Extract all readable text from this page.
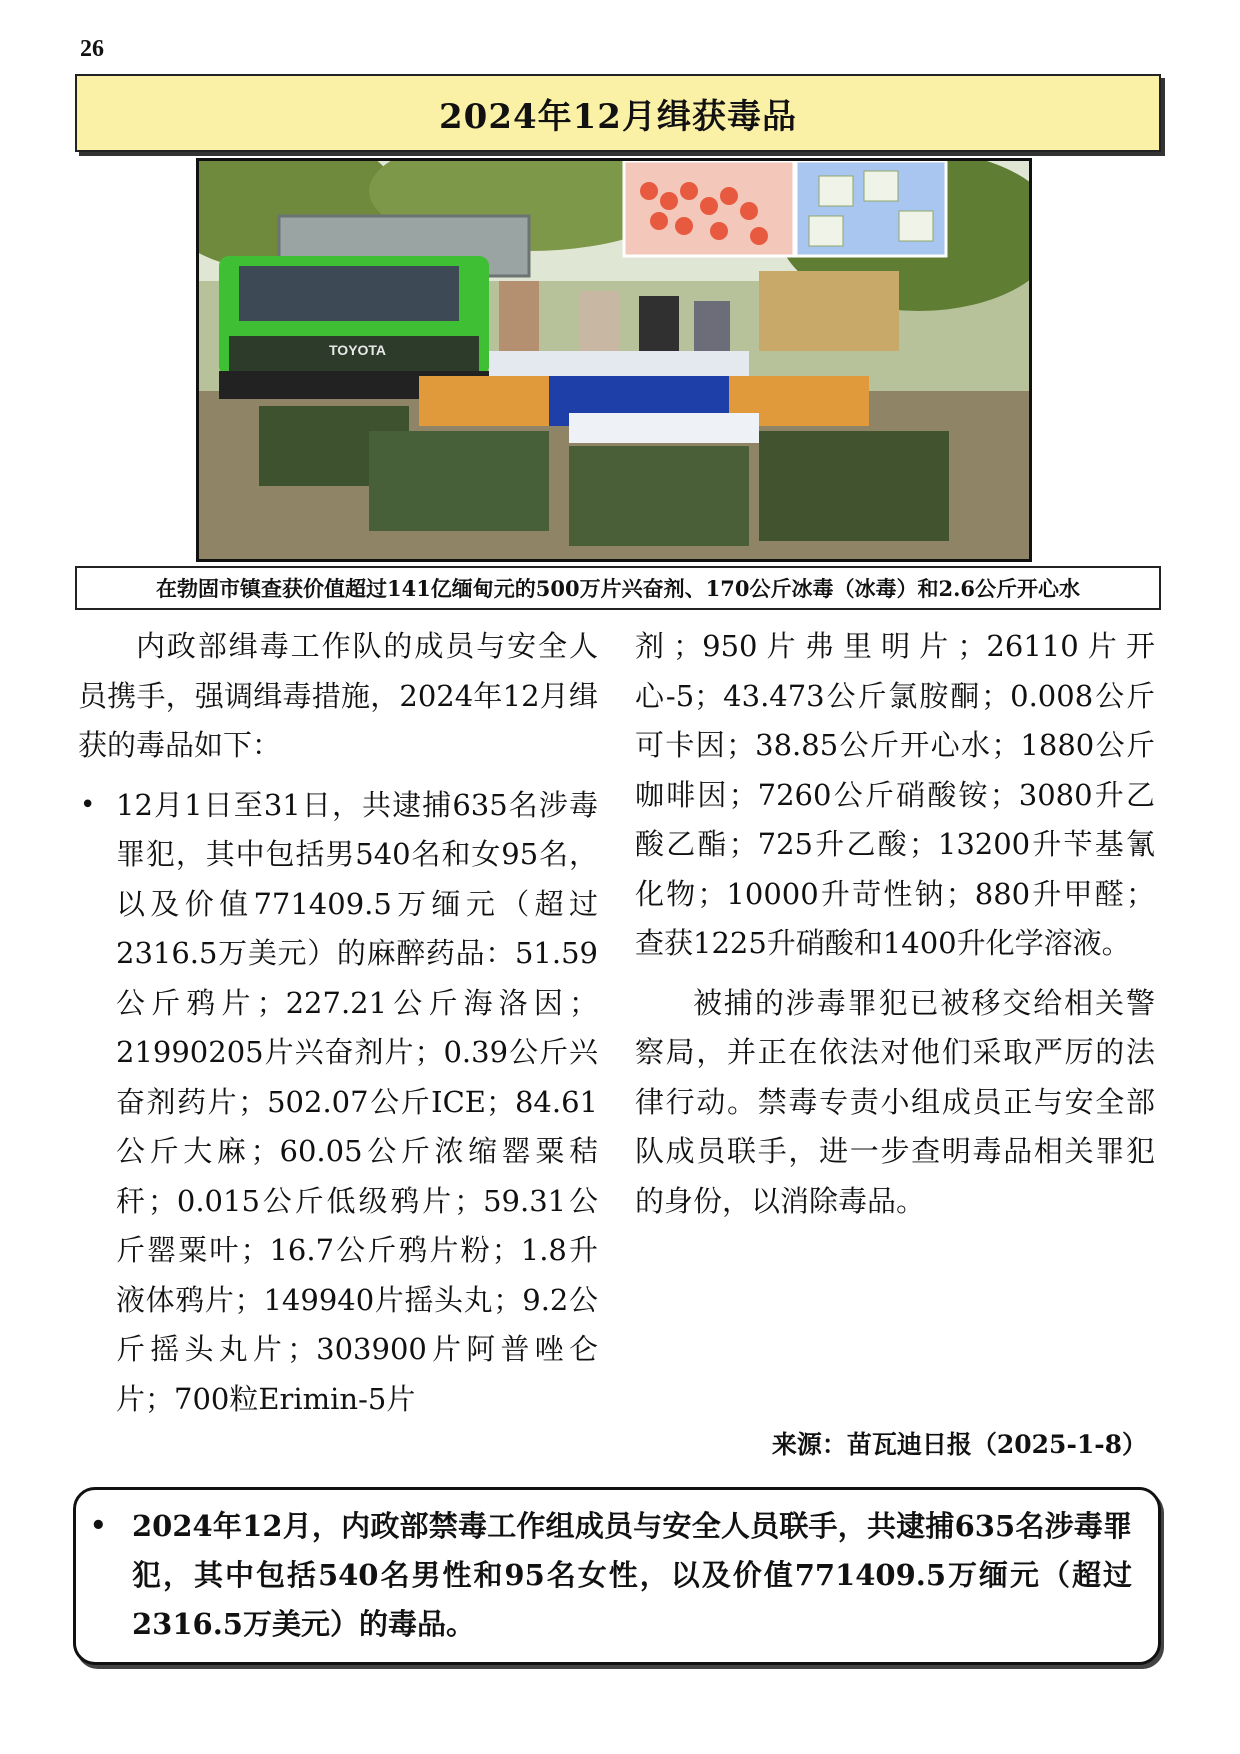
26
2024年12月缉获毒品
TOYOTA
在勃固市镇查获价值超过141亿缅甸元的500万片兴奋剂、170公斤冰毒（冰毒）和2.6公斤开心水

内政部缉毒工作队的成员与安全人员携手，强调缉毒措施，2024年12月缉获的毒品如下：

• 12月1日至31日，共逮捕635名涉毒罪犯，其中包括男540名和女95名，以及价值771409.5万缅元（超过2316.5万美元）的麻醉药品：51.59公斤鸦片；227.21公斤海洛因；21990205片兴奋剂片；0.39公斤兴奋剂药片；502.07公斤ICE；84.61公斤大麻；60.05公斤浓缩罂粟秸秆；0.015公斤低级鸦片；59.31公斤罂粟叶；16.7公斤鸦片粉；1.8升液体鸦片；149940片摇头丸；9.2公斤摇头丸片；303900片阿普唑仑片；700粒Erimin-5片

剂；950片弗里明片；26110片开心-5；43.473公斤氯胺酮；0.008公斤可卡因；38.85公斤开心水；1880公斤咖啡因；7260公斤硝酸铵；3080升乙酸乙酯；725升乙酸；13200升苄基氰化物；10000升苛性钠；880升甲醛；查获1225升硝酸和1400升化学溶液。

被捕的涉毒罪犯已被移交给相关警察局，并正在依法对他们采取严厉的法律行动。禁毒专责小组成员正与安全部队成员联手，进一步查明毒品相关罪犯的身份，以消除毒品。

来源：苗瓦迪日报（2025-1-8）
• 2024年12月，内政部禁毒工作组成员与安全人员联手，共逮捕635名涉毒罪犯，其中包括540名男性和95名女性，以及价值771409.5万缅元（超过2316.5万美元）的毒品。
